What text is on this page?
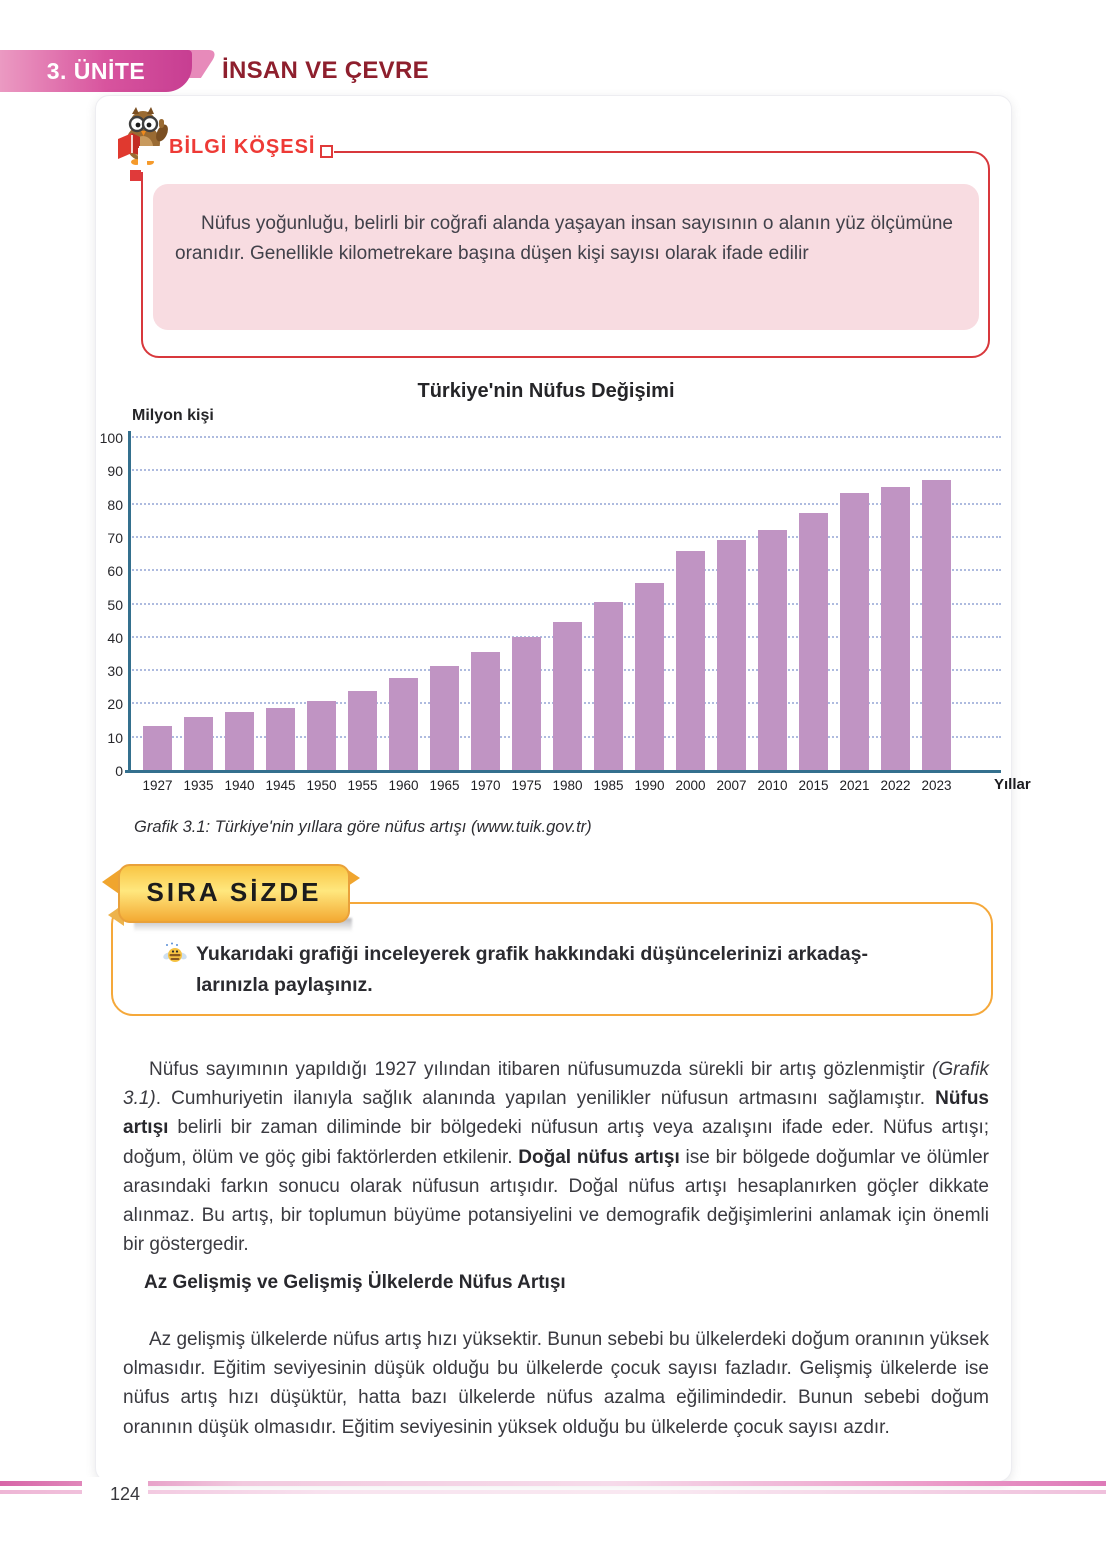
3. ÜNİTE	İNSAN VE ÇEVRE
BİLGİ KÖŞESİ
Nüfus yoğunluğu, belirli bir coğrafi alanda yaşayan insan sayısının o alanın yüz ölçümüne oranıdır. Genellikle kilometrekare başına düşen kişi sayısı olarak ifade edilir
Türkiye'nin Nüfus Değişimi
Milyon kişi
Yıllar
0
10
20
30
40
50
60
70
80
90
100
1927 1935 1940 1945 1950 1955 1960 1965 1970 1975 1980 1985 1990 2000 2007 2010 2015 2021 2022 2023
Grafik 3.1: Türkiye'nin yıllara göre nüfus artışı (www.tuik.gov.tr)
SIRA SİZDE
Yukarıdaki grafiği inceleyerek grafik hakkındaki düşüncelerinizi arkadaş-
larınızla paylaşınız.

Nüfus sayımının yapıldığı 1927 yılından itibaren nüfusumuzda sürekli bir artış gözlenmiştir (Grafik 3.1). Cumhuriyetin ilanıyla sağlık alanında yapılan yenilikler nüfusun artmasını sağlamıştır. Nüfus artışı belirli bir zaman diliminde bir bölgedeki nüfusun artış veya azalışını ifade eder. Nüfus artışı; doğum, ölüm ve göç gibi faktörlerden etkilenir. Doğal nüfus artışı ise bir bölgede doğumlar ve ölümler arasındaki farkın sonucu olarak nüfusun artışıdır. Doğal nüfus artışı hesaplanırken göçler dikkate alınmaz. Bu artış, bir toplumun büyüme potansiyelini ve demografik değişimlerini anlamak için önemli bir göstergedir.

Az Gelişmiş ve Gelişmiş Ülkelerde Nüfus Artışı

Az gelişmiş ülkelerde nüfus artış hızı yüksektir. Bunun sebebi bu ülkelerdeki doğum oranının yüksek olmasıdır. Eğitim seviyesinin düşük olduğu bu ülkelerde çocuk sayısı fazladır. Gelişmiş ülkelerde ise nüfus artış hızı düşüktür, hatta bazı ülkelerde nüfus azalma eğilimindedir. Bunun sebebi doğum oranının düşük olmasıdır. Eğitim seviyesinin yüksek olduğu bu ülkelerde çocuk sayısı azdır.

124
